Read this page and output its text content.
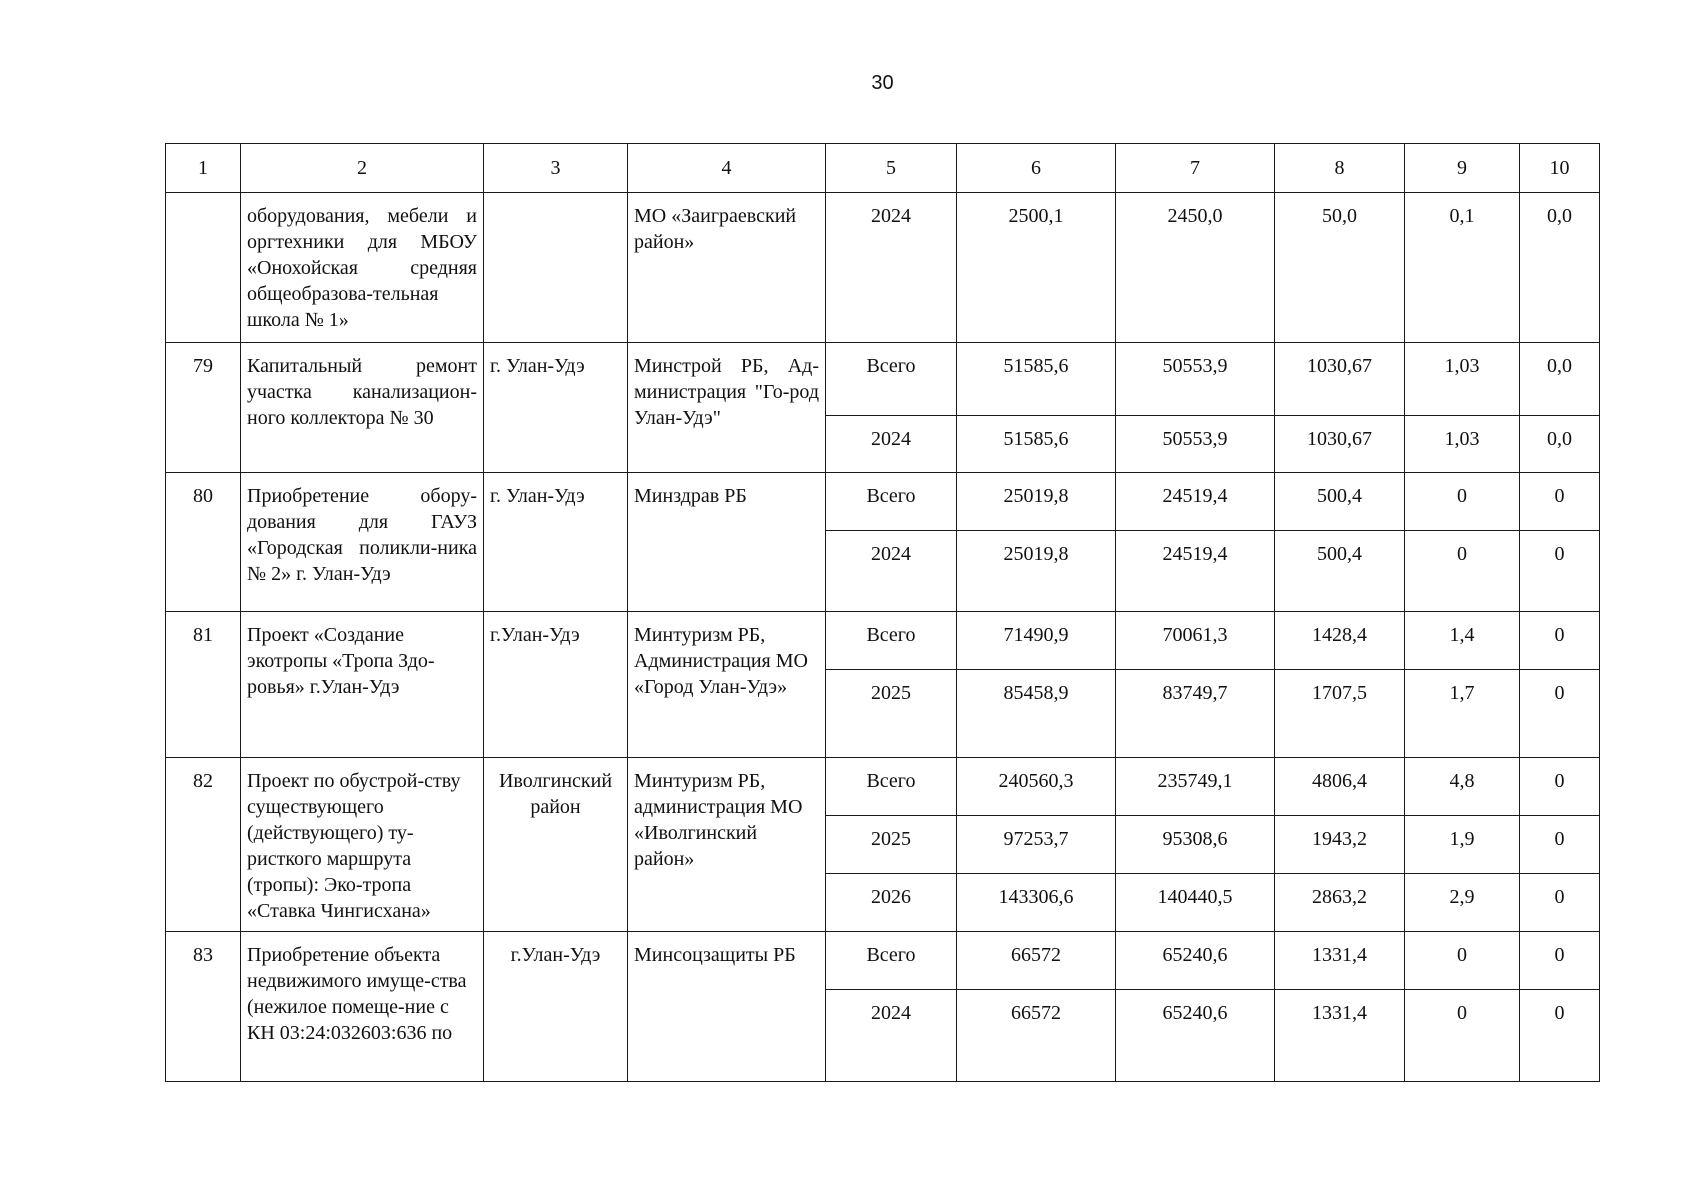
30
1	2	3	4	5	6	7	8	9	10
	оборудования, мебели и оргтехники для МБОУ «Онохойская средняя общеобразова-тельная школа № 1»		МО «Заиграевский район»	2024	2500,1	2450,0	50,0	0,1	0,0
79	Капитальный ремонт участка канализацион-ного коллектора № 30	г. Улан-Удэ	Минстрой РБ, Ад-министрация "Го-род Улан-Удэ"	Всего	51585,6	50553,9	1030,67	1,03	0,0
				2024	51585,6	50553,9	1030,67	1,03	0,0
80	Приобретение обору-дования для ГАУЗ «Городская поликли-ника № 2» г. Улан-Удэ	г. Улан-Удэ	Минздрав РБ	Всего	25019,8	24519,4	500,4	0	0
				2024	25019,8	24519,4	500,4	0	0
81	Проект «Создание экотропы «Тропа Здо-ровья» г.Улан-Удэ	г.Улан-Удэ	Минтуризм РБ, Администрация МО «Город Улан-Удэ»	Всего	71490,9	70061,3	1428,4	1,4	0
				2025	85458,9	83749,7	1707,5	1,7	0
82	Проект по обустрой-ству существующего (действующего) ту-ристкого маршрута (тропы): Эко-тропа «Ставка Чингисхана»	Иволгинский район	Минтуризм РБ, администрация МО «Иволгинский район»	Всего	240560,3	235749,1	4806,4	4,8	0
				2025	97253,7	95308,6	1943,2	1,9	0
				2026	143306,6	140440,5	2863,2	2,9	0
83	Приобретение объекта недвижимого имуще-ства (нежилое помеще-ние с КН 03:24:032603:636 по	г.Улан-Удэ	Минсоцзащиты РБ	Всего	66572	65240,6	1331,4	0	0
				2024	66572	65240,6	1331,4	0	0
